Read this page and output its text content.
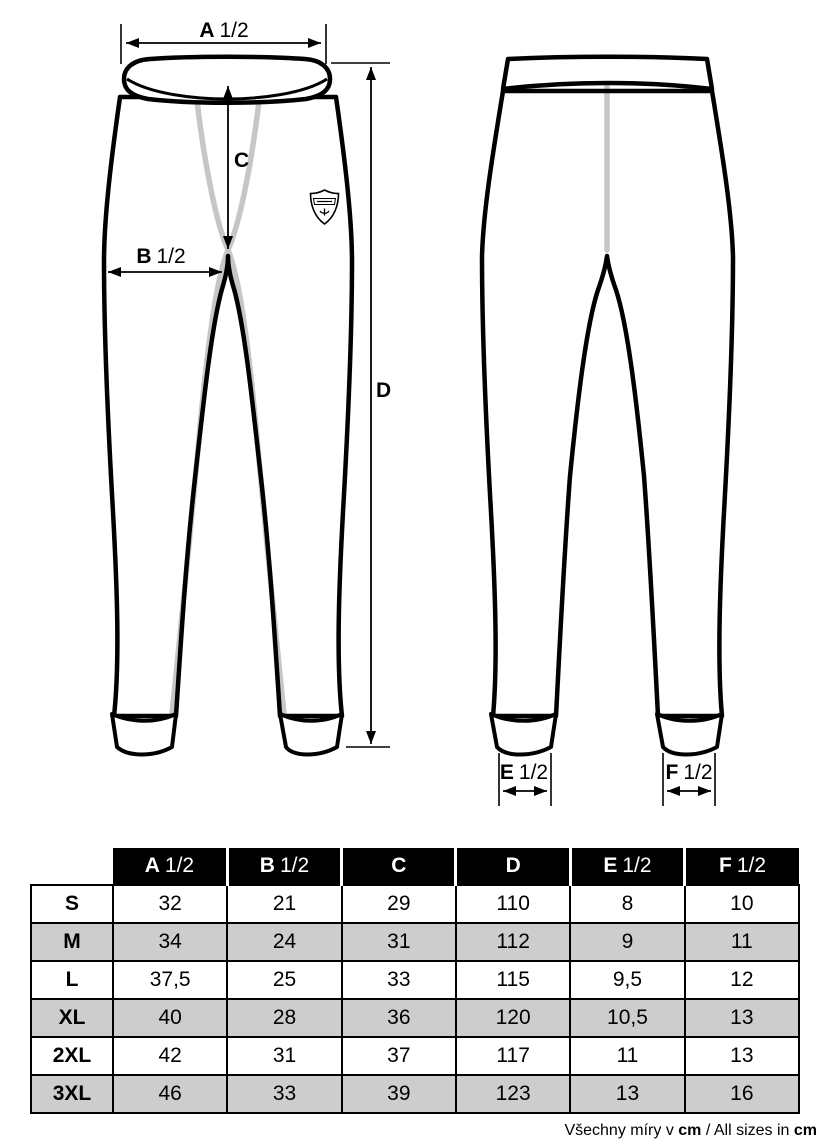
A 1/2
C
B 1/2
D
E 1/2	F 1/2
	A 1/2	B 1/2	C	D	E 1/2	F 1/2
S	32	21	29	110	8	10
M	34	24	31	112	9	11
L	37,5	25	33	115	9,5	12
XL	40	28	36	120	10,5	13
2XL	42	31	37	117	11	13
3XL	46	33	39	123	13	16
Všechny míry v cm / All sizes in cm
